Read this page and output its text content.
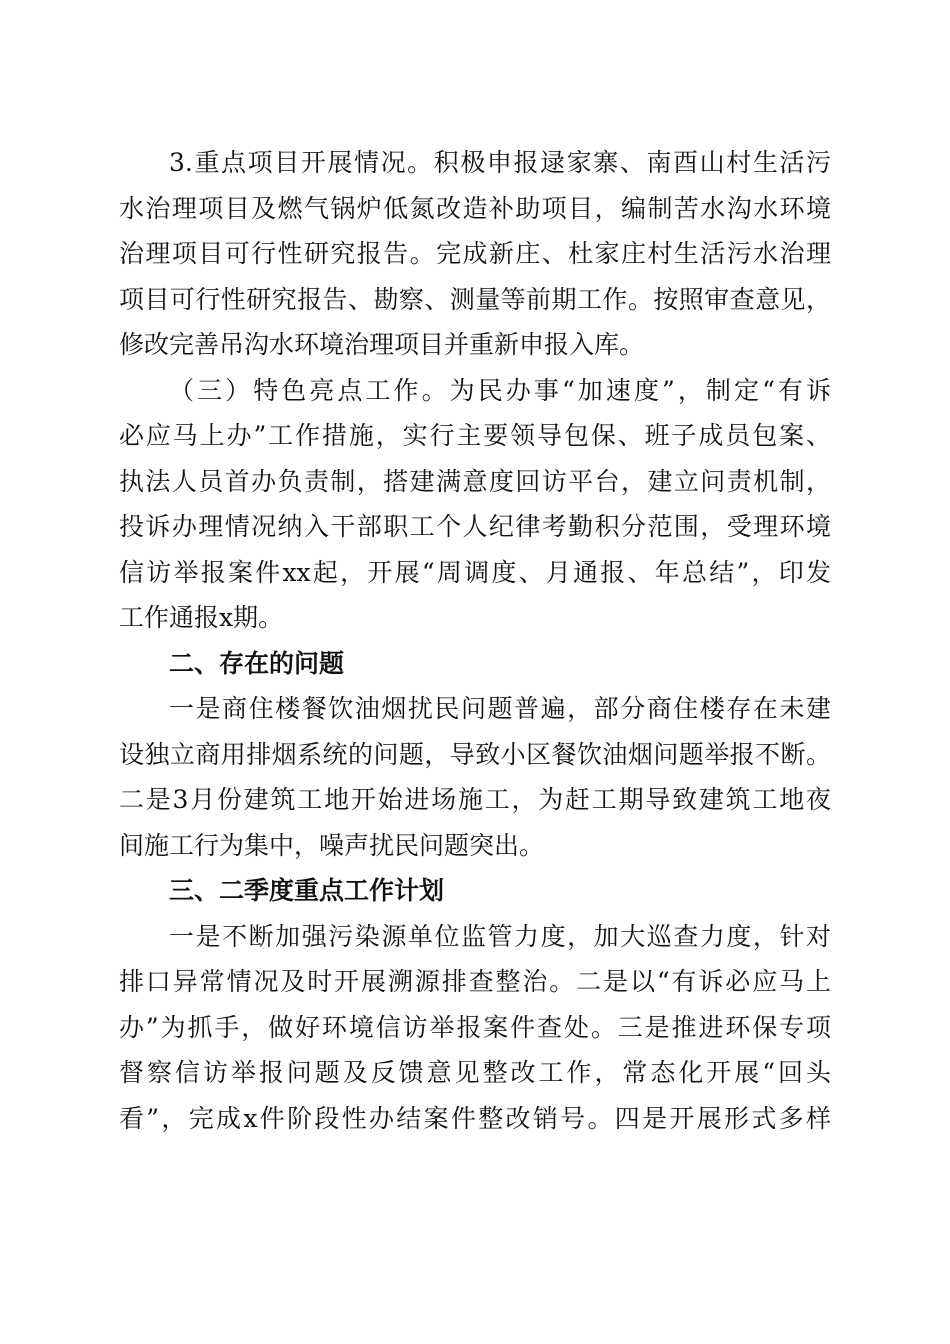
3.重点项目开展情况。积极申报逯家寨、南酉山村生活污
水治理项目及燃气锅炉低氮改造补助项目，编制苦水沟水环境
治理项目可行性研究报告。完成新庄、杜家庄村生活污水治理
项目可行性研究报告、勘察、测量等前期工作。按照审查意见，
修改完善吊沟水环境治理项目并重新申报入库。
（三）特色亮点工作。为民办事“加速度”，制定“有诉
必应马上办”工作措施，实行主要领导包保、班子成员包案、
执法人员首办负责制，搭建满意度回访平台，建立问责机制，
投诉办理情况纳入干部职工个人纪律考勤积分范围，受理环境
信访举报案件xx起，开展“周调度、月通报、年总结”，印发
工作通报x期。
二、存在的问题
一是商住楼餐饮油烟扰民问题普遍，部分商住楼存在未建
设独立商用排烟系统的问题，导致小区餐饮油烟问题举报不断。
二是3月份建筑工地开始进场施工，为赶工期导致建筑工地夜
间施工行为集中，噪声扰民问题突出。
三、二季度重点工作计划
一是不断加强污染源单位监管力度，加大巡查力度，针对
排口异常情况及时开展溯源排查整治。二是以“有诉必应马上
办”为抓手，做好环境信访举报案件查处。三是推进环保专项
督察信访举报问题及反馈意见整改工作，常态化开展“回头
看”，完成x件阶段性办结案件整改销号。四是开展形式多样
